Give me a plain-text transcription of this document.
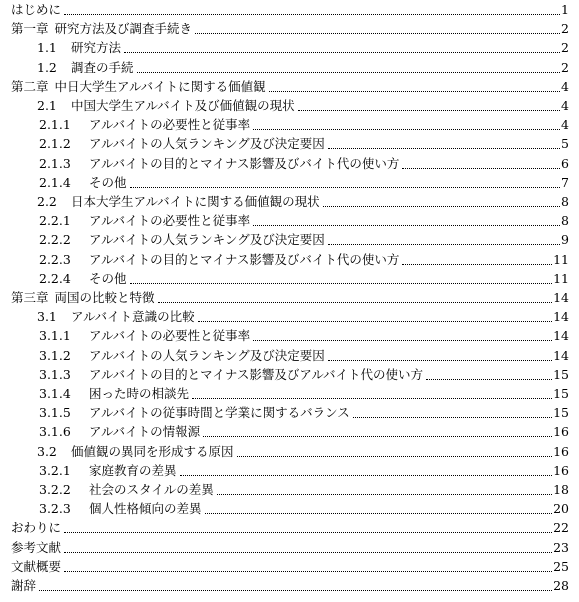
はじめに	1
第一章 研究方法及び調査手続き	2
1.1	研究方法	2
1.2	調査の手続	2
第二章 中日大学生アルバイトに関する価値観	4
2.1	中国大学生アルバイト及び価値観の現状	4
2.1.1	アルバイトの必要性と従事率	4
2.1.2	アルバイトの人気ランキング及び決定要因	5
2.1.3	アルバイトの目的とマイナス影響及びバイト代の使い方	6
2.1.4	その他	7
2.2	日本大学生アルバイトに関する価値観の現状	8
2.2.1	アルバイトの必要性と従事率	8
2.2.2	アルバイトの人気ランキング及び決定要因	9
2.2.3	アルバイトの目的とマイナス影響及びバイト代の使い方	11
2.2.4	その他	11
第三章 両国の比較と特徴	14
3.1	アルバイト意識の比較	14
3.1.1	アルバイトの必要性と従事率	14
3.1.2	アルバイトの人気ランキング及び決定要因	14
3.1.3	アルバイトの目的とマイナス影響及びアルバイト代の使い方	15
3.1.4	困った時の相談先	15
3.1.5	アルバイトの従事時間と学業に関するバランス	15
3.1.6	アルバイトの情報源	16
3.2	価値観の異同を形成する原因	16
3.2.1	家庭教育の差異	16
3.2.2	社会のスタイルの差異	18
3.2.3	個人性格傾向の差異	20
おわりに	22
参考文献	23
文献概要	25
謝辞	28
